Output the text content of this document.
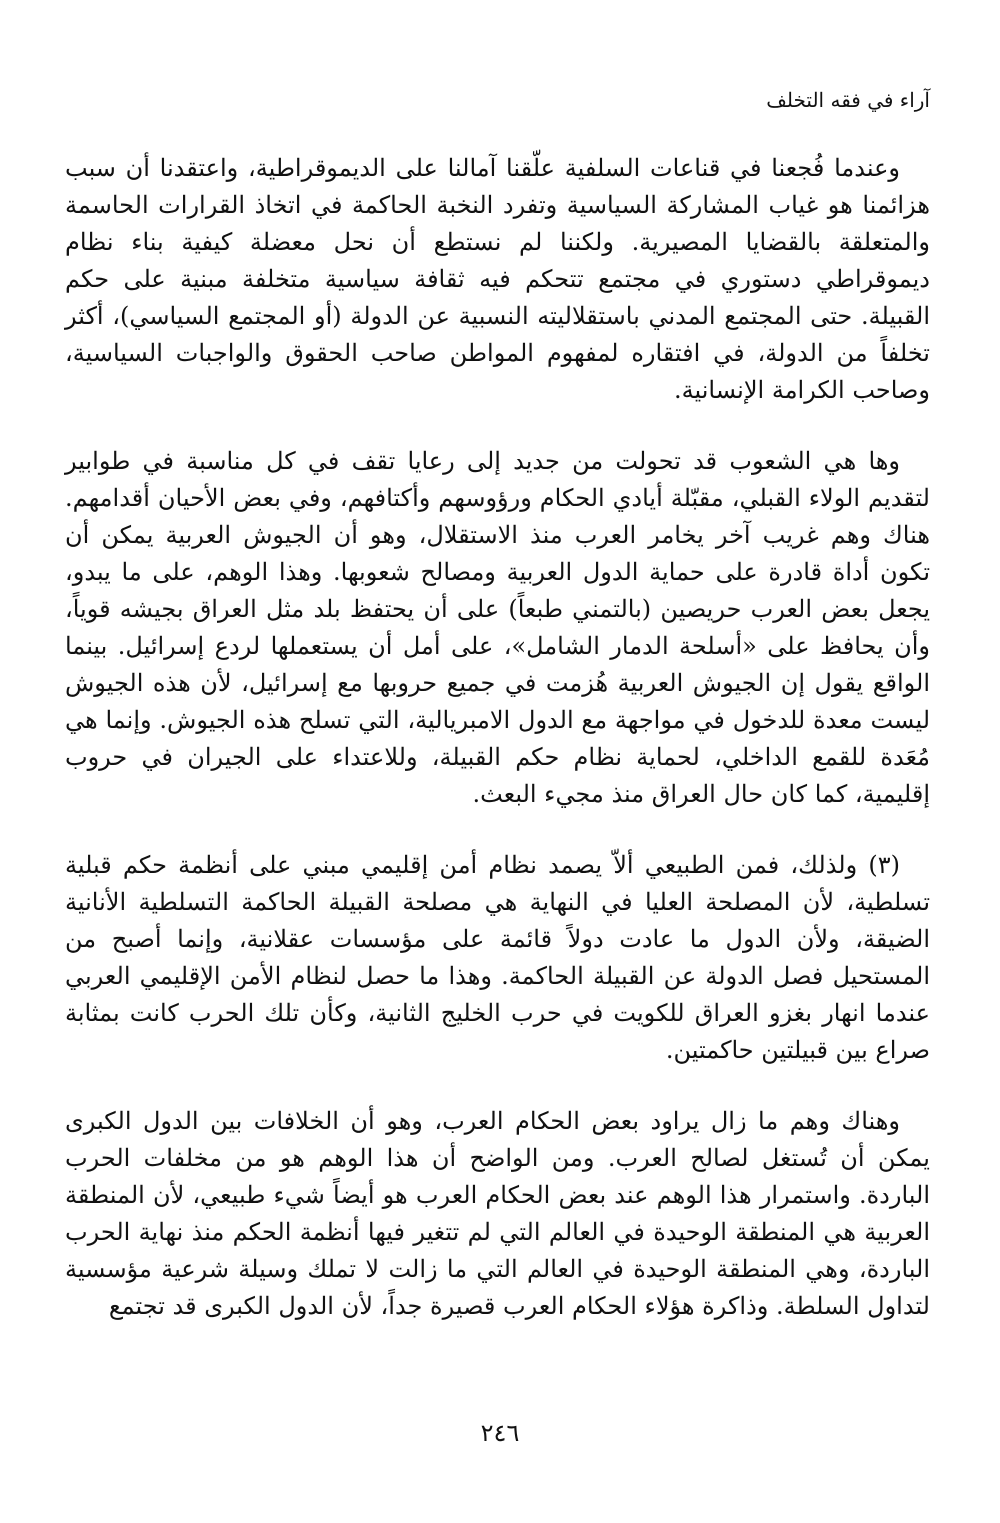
آراء في فقه التخلف

وعندما فُجعنا في قناعات السلفية علّقنا آمالنا على الديموقراطية، واعتقدنا أن سبب هزائمنا هو غياب المشاركة السياسية وتفرد النخبة الحاكمة في اتخاذ القرارات الحاسمة والمتعلقة بالقضايا المصيرية. ولكننا لم نستطع أن نحل معضلة كيفية بناء نظام ديموقراطي دستوري في مجتمع تتحكم فيه ثقافة سياسية متخلفة مبنية على حكم القبيلة. حتى المجتمع المدني باستقلاليته النسبية عن الدولة (أو المجتمع السياسي)، أكثر تخلفاً من الدولة، في افتقاره لمفهوم المواطن صاحب الحقوق والواجبات السياسية، وصاحب الكرامة الإنسانية.

وها هي الشعوب قد تحولت من جديد إلى رعايا تقف في كل مناسبة في طوابير لتقديم الولاء القبلي، مقبّلة أيادي الحكام ورؤوسهم وأكتافهم، وفي بعض الأحيان أقدامهم. هناك وهم غريب آخر يخامر العرب منذ الاستقلال، وهو أن الجيوش العربية يمكن أن تكون أداة قادرة على حماية الدول العربية ومصالح شعوبها. وهذا الوهم، على ما يبدو، يجعل بعض العرب حريصين (بالتمني طبعاً) على أن يحتفظ بلد مثل العراق بجيشه قوياً، وأن يحافظ على «أسلحة الدمار الشامل»، على أمل أن يستعملها لردع إسرائيل. بينما الواقع يقول إن الجيوش العربية هُزمت في جميع حروبها مع إسرائيل، لأن هذه الجيوش ليست معدة للدخول في مواجهة مع الدول الامبريالية، التي تسلح هذه الجيوش. وإنما هي مُعَدة للقمع الداخلي، لحماية نظام حكم القبيلة، وللاعتداء على الجيران في حروب إقليمية، كما كان حال العراق منذ مجيء البعث.

(٣) ولذلك، فمن الطبيعي ألاّ يصمد نظام أمن إقليمي مبني على أنظمة حكم قبلية تسلطية، لأن المصلحة العليا في النهاية هي مصلحة القبيلة الحاكمة التسلطية الأنانية الضيقة، ولأن الدول ما عادت دولاً قائمة على مؤسسات عقلانية، وإنما أصبح من المستحيل فصل الدولة عن القبيلة الحاكمة. وهذا ما حصل لنظام الأمن الإقليمي العربي عندما انهار بغزو العراق للكويت في حرب الخليج الثانية، وكأن تلك الحرب كانت بمثابة صراع بين قبيلتين حاكمتين.

وهناك وهم ما زال يراود بعض الحكام العرب، وهو أن الخلافات بين الدول الكبرى يمكن أن تُستغل لصالح العرب. ومن الواضح أن هذا الوهم هو من مخلفات الحرب الباردة. واستمرار هذا الوهم عند بعض الحكام العرب هو أيضاً شيء طبيعي، لأن المنطقة العربية هي المنطقة الوحيدة في العالم التي لم تتغير فيها أنظمة الحكم منذ نهاية الحرب الباردة، وهي المنطقة الوحيدة في العالم التي ما زالت لا تملك وسيلة شرعية مؤسسية لتداول السلطة. وذاكرة هؤلاء الحكام العرب قصيرة جداً، لأن الدول الكبرى قد تجتمع

٢٤٦
